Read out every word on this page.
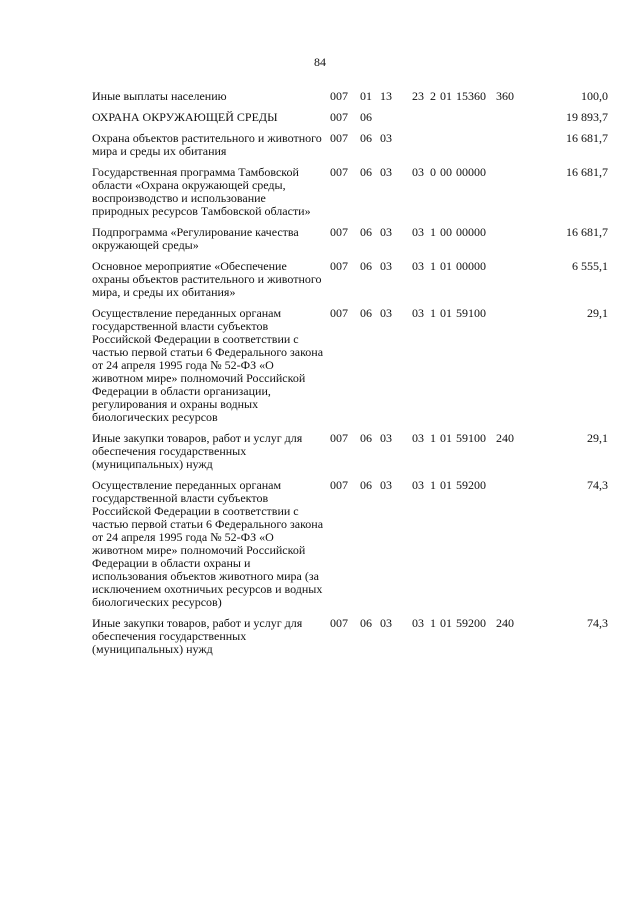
84
Иные выплаты населению	007	01	13	23	2	01	15360	360	100,0
ОХРАНА ОКРУЖАЮЩЕЙ СРЕДЫ	007	06							19 893,7
Охрана объектов растительного и животного мира и среды их обитания	007	06	03						16 681,7
Государственная программа Тамбовской области «Охрана окружающей среды, воспроизводство и использование природных ресурсов Тамбовской области»	007	06	03	03	0	00	00000		16 681,7
Подпрограмма «Регулирование качества окружающей среды»	007	06	03	03	1	00	00000		16 681,7
Основное мероприятие «Обеспечение охраны объектов растительного и животного мира, и среды их обитания»	007	06	03	03	1	01	00000		6 555,1
Осуществление переданных органам государственной власти субъектов Российской Федерации в соответствии с частью первой статьи 6 Федерального закона от 24 апреля 1995 года № 52-ФЗ «О животном мире» полномочий Российской Федерации в области организации, регулирования и охраны водных биологических ресурсов	007	06	03	03	1	01	59100		29,1
Иные закупки товаров, работ и услуг для обеспечения государственных (муниципальных) нужд	007	06	03	03	1	01	59100	240	29,1
Осуществление переданных органам государственной власти субъектов Российской Федерации в соответствии с частью первой статьи 6 Федерального закона от 24 апреля 1995 года № 52-ФЗ «О животном мире» полномочий Российской Федерации в области охраны и использования объектов животного мира (за исключением охотничьих ресурсов и водных биологических ресурсов)	007	06	03	03	1	01	59200		74,3
Иные закупки товаров, работ и услуг для обеспечения государственных (муниципальных) нужд	007	06	03	03	1	01	59200	240	74,3
